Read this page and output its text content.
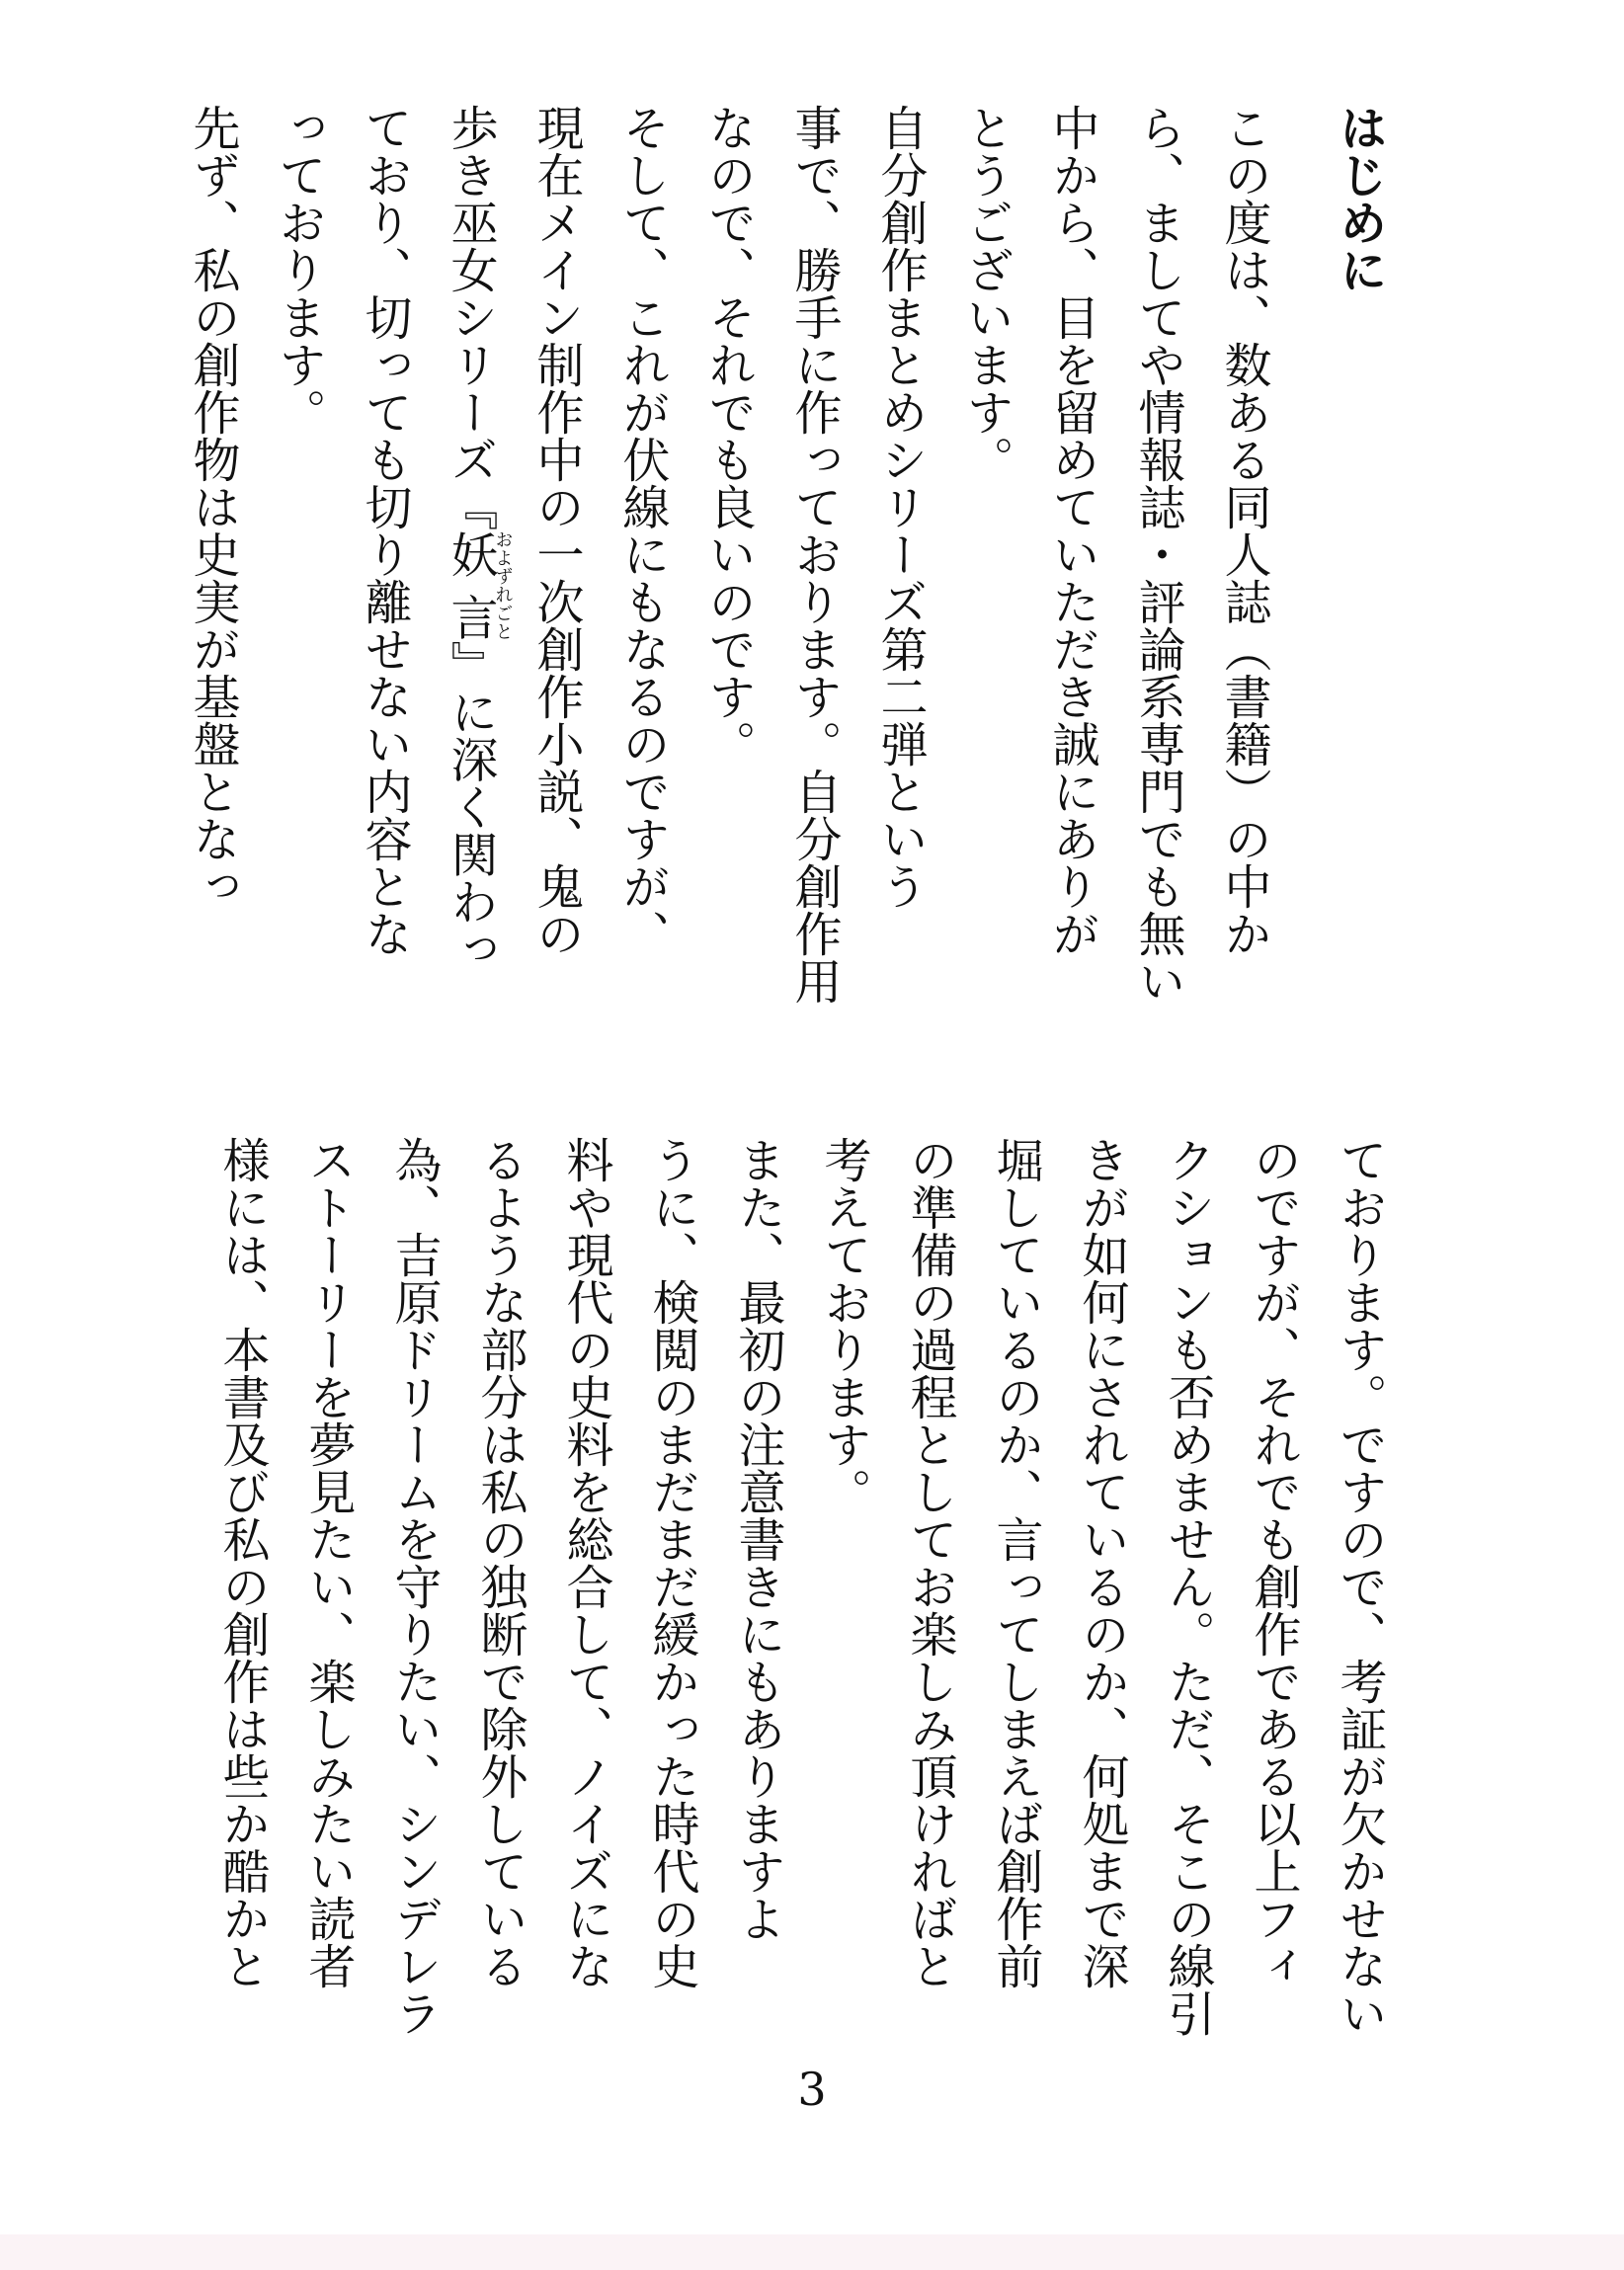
はじめに
この度は、数ある同人誌（書籍）の中か
ら、ましてや情報誌・評論系専門でも無い
中から、目を留めていただき誠にありが
とうございます。
自分創作まとめシリーズ第二弾という
事で、勝手に作っております。自分創作用
なので、それでも良いのです。
そして、これが伏線にもなるのですが、
現在メイン制作中の一次創作小説、鬼の
歩き巫女シリーズ『妖 言およずれごと』に深く関わっ
ており、切っても切り離せない内容とな
っております。
先ず、私の創作物は史実が基盤となっ
ております。ですので、考証が欠かせない
のですが、それでも創作である以上フィ
クションも否めません。ただ、そこの線引
きが如何にされているのか、何処まで深
堀しているのか、言ってしまえば創作前
の準備の過程としてお楽しみ頂ければと
考えております。
また、最初の注意書きにもありますよ
うに、検閲のまだまだ緩かった時代の史
料や現代の史料を総合して、ノイズにな
るような部分は私の独断で除外している
為、吉原ドリームを守りたい、シンデレラ
ストーリーを夢見たい、楽しみたい読者
様には、本書及び私の創作は些か酷かと
3
